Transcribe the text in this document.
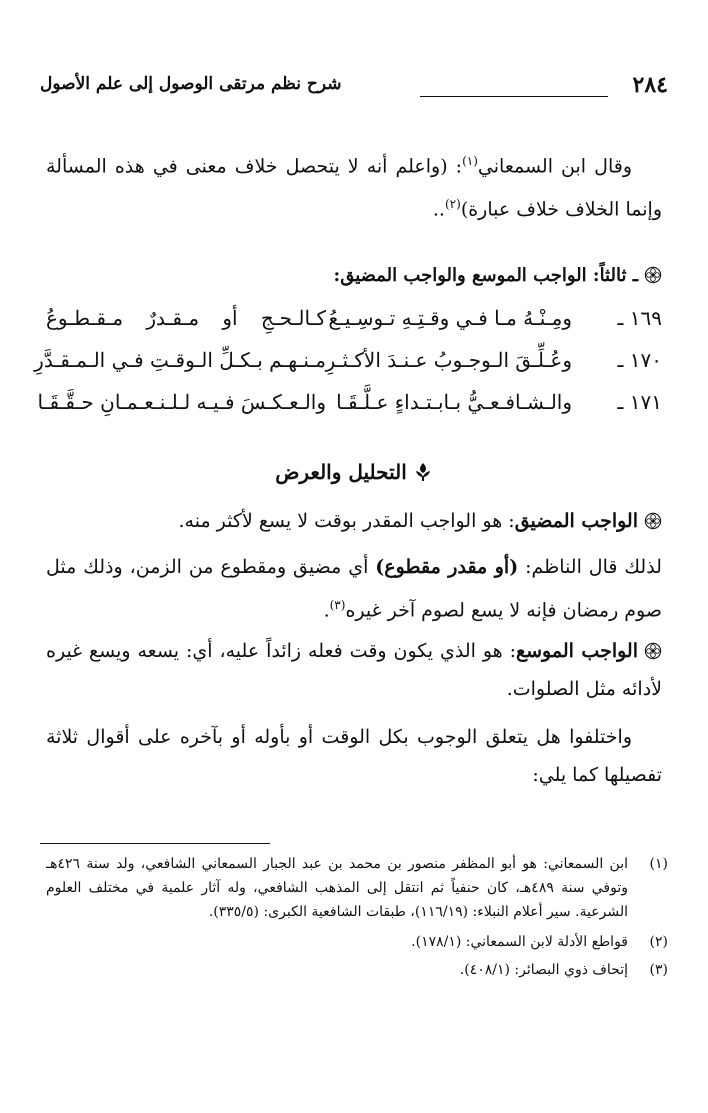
٢٨٤
شرح نظم مرتقى الوصول إلى علم الأصول
وقال ابن السمعاني$^{(١)}$: (واعلم أنه لا يتحصل خلاف معنى في هذه المسألة وإنما الخلاف خلاف عبارة)$^{(٢)}$..
ـ ثالثاً: الواجب الموسع والواجب المضيق:
١٦٩ ـ
ومِـنْـهُ مـا فـي وقـتِـهِ تـوسِـيـعُ
كـالـحـجِ أو مـقـدرٌ مـقـطـوعُ
١٧٠ ـ
وعُـلِّـقَ الـوجـوبُ عـنـدَ الأكـثـرِ
مـنـهـم بـكـلِّ الـوقـتِ فـي الـمـقـدَّرِ
١٧١ ـ
والـشـافـعـيُّ بـابـتـداءٍ عـلَّـقَـا
والـعـكـسَ فـيـه لـلـنـعـمـانِ حـقَّـقَـا
التحليل والعرض
الواجب المضيق: هو الواجب المقدر بوقت لا يسع لأكثر منه.
لذلك قال الناظم: (أو مقدر مقطوع) أي مضيق ومقطوع من الزمن، وذلك مثل صوم رمضان فإنه لا يسع لصوم آخر غيره$^{(٣)}$.
الواجب الموسع: هو الذي يكون وقت فعله زائداً عليه، أي: يسعه ويسع غيره لأدائه مثل الصلوات.
واختلفوا هل يتعلق الوجوب بكل الوقت أو بأوله أو بآخره على أقوال ثلاثة تفصيلها كما يلي:
(١)
ابن السمعاني: هو أبو المظفر منصور بن محمد بن عبد الجبار السمعاني الشافعي، ولد سنة ٤٢٦هـ وتوفي سنة ٤٨٩هـ، كان حنفياً ثم انتقل إلى المذهب الشافعي، وله آثار علمية في مختلف العلوم الشرعية. سير أعلام النبلاء: (١١٦/١٩)، طبقات الشافعية الكبرى: (٣٣٥/٥).
(٢)
قواطع الأدلة لابن السمعاني: (١٧٨/١).
(٣)
إتحاف ذوي البصائر: (٤٠٨/١).
